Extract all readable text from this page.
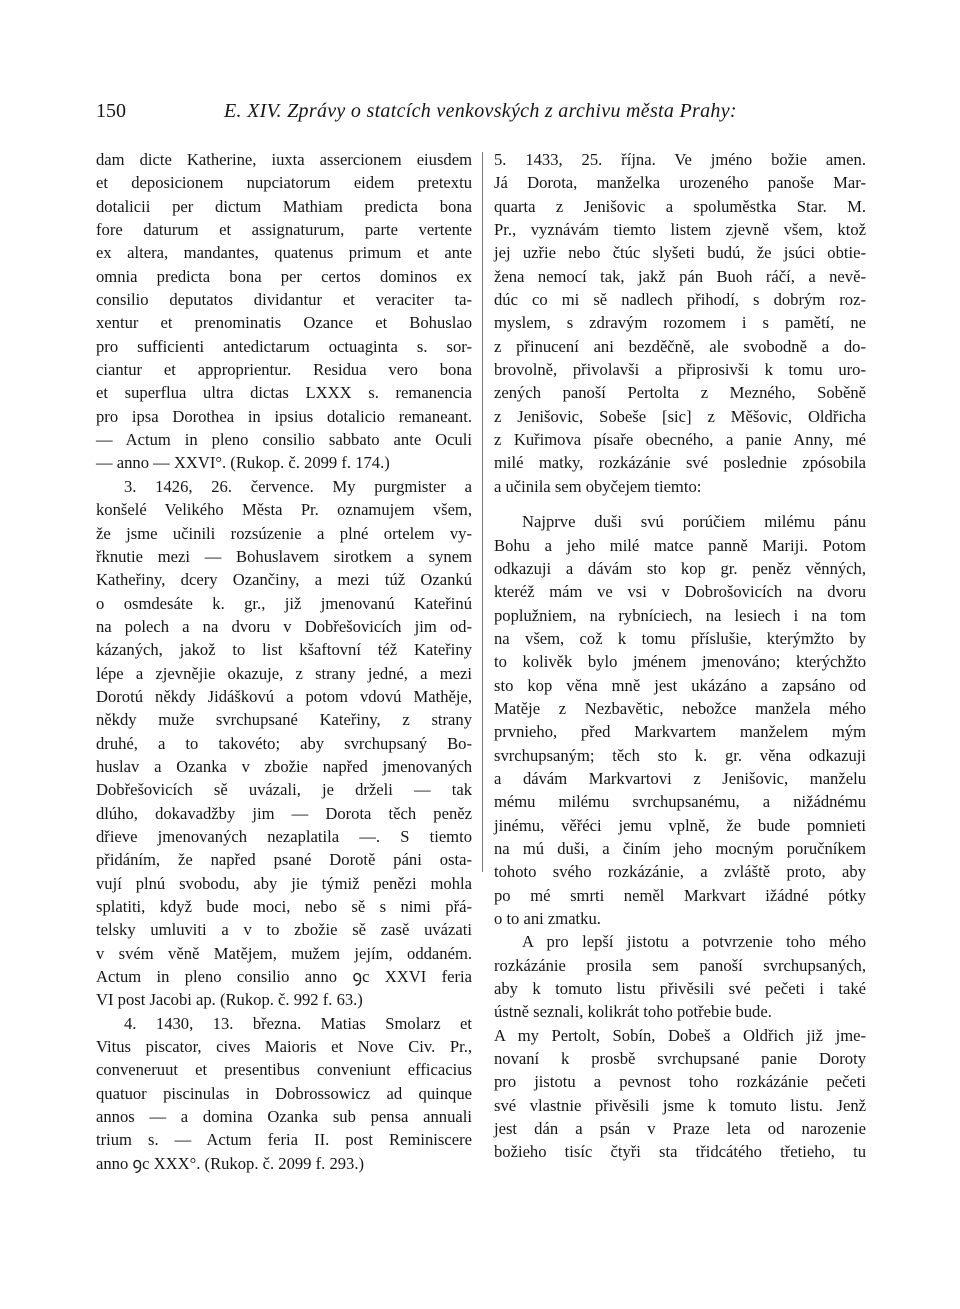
150	E. XIV. Zprávy o statcích venkovských z archivu města Prahy:
dam dicte Katherine, iuxta assercionem eiusdem
et deposicionem nupciatorum eidem pretextu
dotalicii per dictum Mathiam predicta bona
fore daturum et assignaturum, parte vertente
ex altera, mandantes, quatenus primum et ante
omnia predicta bona per certos dominos ex
consilio deputatos dividantur et veraciter ta-
xentur et prenominatis Ozance et Bohuslao
pro sufficienti antedictarum octuaginta s. sor-
ciantur et approprientur. Residua vero bona
et superflua ultra dictas LXXX s. remanencia
pro ipsa Dorothea in ipsius dotalicio remaneant.
— Actum in pleno consilio sabbato ante Oculi
— anno — XXVI°. (Rukop. č. 2099 f. 174.)
3. 1426, 26. července. My purgmister a
konšelé Velikého Města Pr. oznamujem všem,
že jsme učinili rozsúzenie a plné ortelem vy-
řknutie mezi — Bohuslavem sirotkem a synem
Katheřiny, dcery Ozančiny, a mezi túž Ozankú
o osmdesáte k. gr., již jmenovanú Kateřinú
na polech a na dvoru v Dobřešovicích jim od-
kázaných, jakož to list kšaftovní též Kateřiny
lépe a zjevnějie okazuje, z strany jedné, a mezi
Dorotú někdy Jidáškovú a potom vdovú Mathěje,
někdy muže svrchupsané Kateřiny, z strany
druhé, a to takovéto; aby svrchupsaný Bo-
huslav a Ozanka v zbožie napřed jmenovaných
Dobřešovicích sě uvázali, je drželi — tak
dlúho, dokavadžby jim — Dorota těch peněz
dřieve jmenovaných nezaplatila —. S tiemto
přidáním, že napřed psané Dorotě páni osta-
vují plnú svobodu, aby jie týmiž penězi mohla
splatiti, když bude moci, nebo sě s nimi přá-
telsky umluviti a v to zbožie sě zasě uvázati
v svém věně Matějem, mužem jejím, oddaném.
Actum in pleno consilio anno ꝯc XXVI feria
VI post Jacobi ap. (Rukop. č. 992 f. 63.)
4. 1430, 13. března. Matias Smolarz et
Vitus piscator, cives Maioris et Nove Civ. Pr.,
conveneruut et presentibus conveniunt efficacius
quatuor piscinulas in Dobrossowicz ad quinque
annos — a domina Ozanka sub pensa annuali
trium s. — Actum feria II. post Reminiscere
anno ꝯc XXX°. (Rukop. č. 2099 f. 293.)
5. 1433, 25. října. Ve jméno božie amen.
Já Dorota, manželka urozeného panoše Mar-
quarta z Jenišovic a spoluměstka Star. M.
Pr., vyznávám tiemto listem zjevně všem, ktož
jej uzřie nebo čtúc slyšeti budú, že jsúci obtie-
žena nemocí tak, jakž pán Buoh ráčí, a nevě-
dúc co mi sě nadlech přihodí, s dobrým roz-
myslem, s zdravým rozomem i s pamětí, ne
z přinucení ani bezděčně, ale svobodně a do-
brovolně, přivolavši a připrosivši k tomu uro-
zených panoší Pertolta z Mezného, Soběně
z Jenišovic, Sobeše [sic] z Měšovic, Oldřicha
z Kuřimova písaře obecného, a panie Anny, mé
milé matky, rozkázánie své poslednie zpósobila
a učinila sem obyčejem tiemto:
Najprve duši svú porúčiem milému pánu
Bohu a jeho milé matce panně Mariji. Potom
odkazuji a dávám sto kop gr. peněz věnných,
kteréž mám ve vsi v Dobrošovicích na dvoru
poplužniem, na rybníciech, na lesiech i na tom
na všem, což k tomu příslušie, kterýmžto by
to kolivěk bylo jménem jmenováno; kterýchžto
sto kop věna mně jest ukázáno a zapsáno od
Matěje z Nezbavětic, nebožce manžela mého
prvnieho, před Markvartem manželem mým
svrchupsaným; těch sto k. gr. věna odkazuji
a dávám Markvartovi z Jenišovic, manželu
mému milému svrchupsanému, a nižádnému
jinému, věřéci jemu vplně, že bude pomnieti
na mú duši, a činím jeho mocným poručníkem
tohoto svého rozkázánie, a zvláště proto, aby
po mé smrti neměl Markvart ižádné pótky
o to ani zmatku.
A pro lepší jistotu a potvrzenie toho mého
rozkázánie prosila sem panoší svrchupsaných,
aby k tomuto listu přivěsili své pečeti i také
ústně seznali, kolikrát toho potřebie bude.
A my Pertolt, Sobín, Dobeš a Oldřich již jme-
novaní k prosbě svrchupsané panie Doroty
pro jistotu a pevnost toho rozkázánie pečeti
své vlastnie přivěsili jsme k tomuto listu. Jenž
jest dán a psán v Praze leta od narozenie
božieho tisíc čtyři sta třidcátého třetieho, tu
